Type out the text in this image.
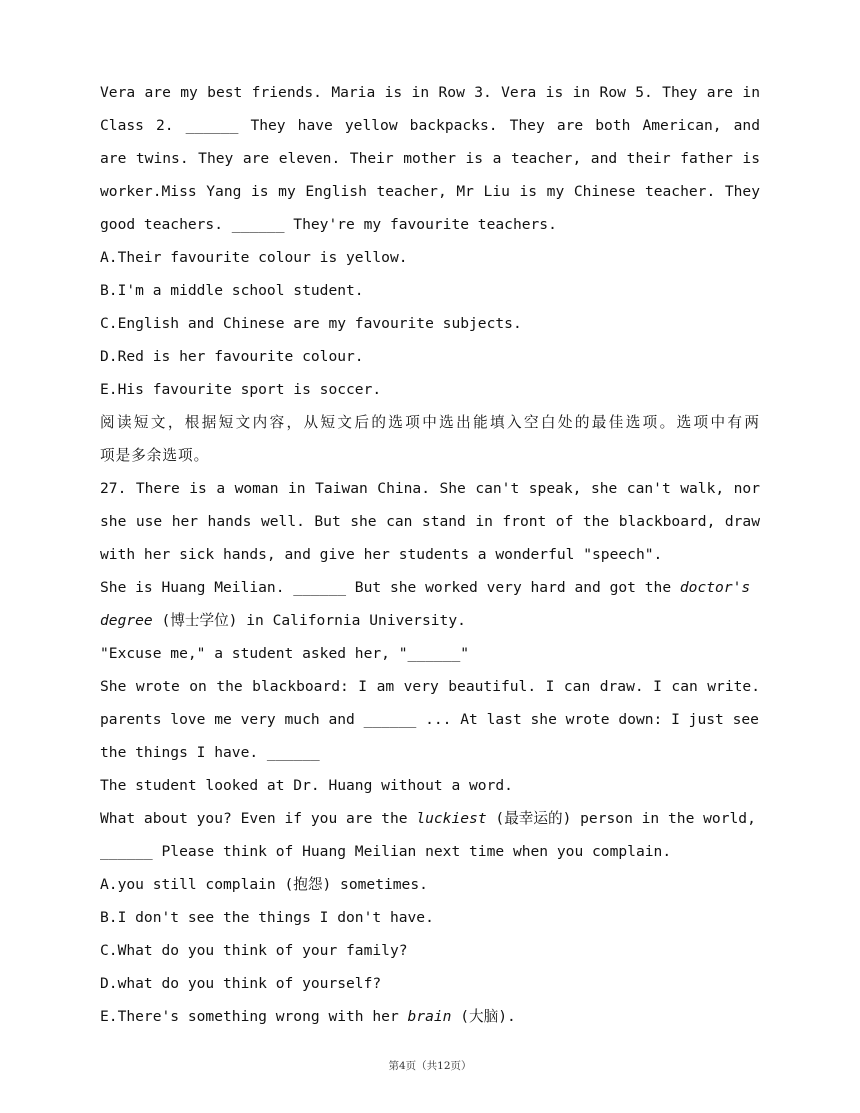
Vera are my best friends. Maria is in Row 3. Vera is in Row 5. They are in
Class 2. ______ They have yellow backpacks. They are both American, and
are twins. They are eleven. Their mother is a teacher, and their father is
worker.Miss Yang is my English teacher, Mr Liu is my Chinese teacher. They
good teachers. ______ They're my favourite teachers.
A.Their favourite colour is yellow.
B.I'm a middle school student.
C.English and Chinese are my favourite subjects.
D.Red is her favourite colour.
E.His favourite sport is soccer.
阅读短文，根据短文内容，从短文后的选项中选出能填入空白处的最佳选项。选项中有两
项是多余选项。
27. There is a woman in Taiwan China. She can't speak, she can't walk, nor
she use her hands well. But she can stand in front of the blackboard, draw
with her sick hands, and give her students a wonderful "speech".
She is Huang Meilian. ______ But she worked very hard and got the doctor's
degree (博士学位) in California University.
"Excuse me," a student asked her, "______"
She wrote on the blackboard: I am very beautiful. I can draw. I can write.
parents love me very much and ______ ... At last she wrote down: I just see
the things I have. ______
The student looked at Dr. Huang without a word.
What about you? Even if you are the luckiest (最幸运的) person in the world,
______ Please think of Huang Meilian next time when you complain.
A.you still complain (抱怨) sometimes.
B.I don't see the things I don't have.
C.What do you think of your family?
D.what do you think of yourself?
E.There's something wrong with her brain (大脑).
第4页（共12页）
